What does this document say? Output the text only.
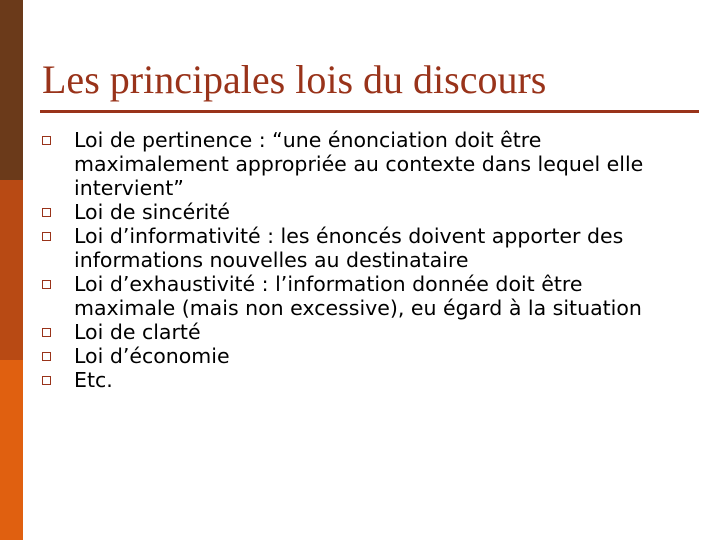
Les principales lois du discours
Loi de pertinence : “une énonciation doit être maximalement appropriée au contexte dans lequel elle intervient”
Loi de sincérité
Loi d’informativité : les énoncés doivent apporter des informations nouvelles au destinataire
Loi d’exhaustivité : l’information donnée doit être maximale (mais non excessive), eu égard à la situation
Loi de clarté
Loi d’économie
Etc.
